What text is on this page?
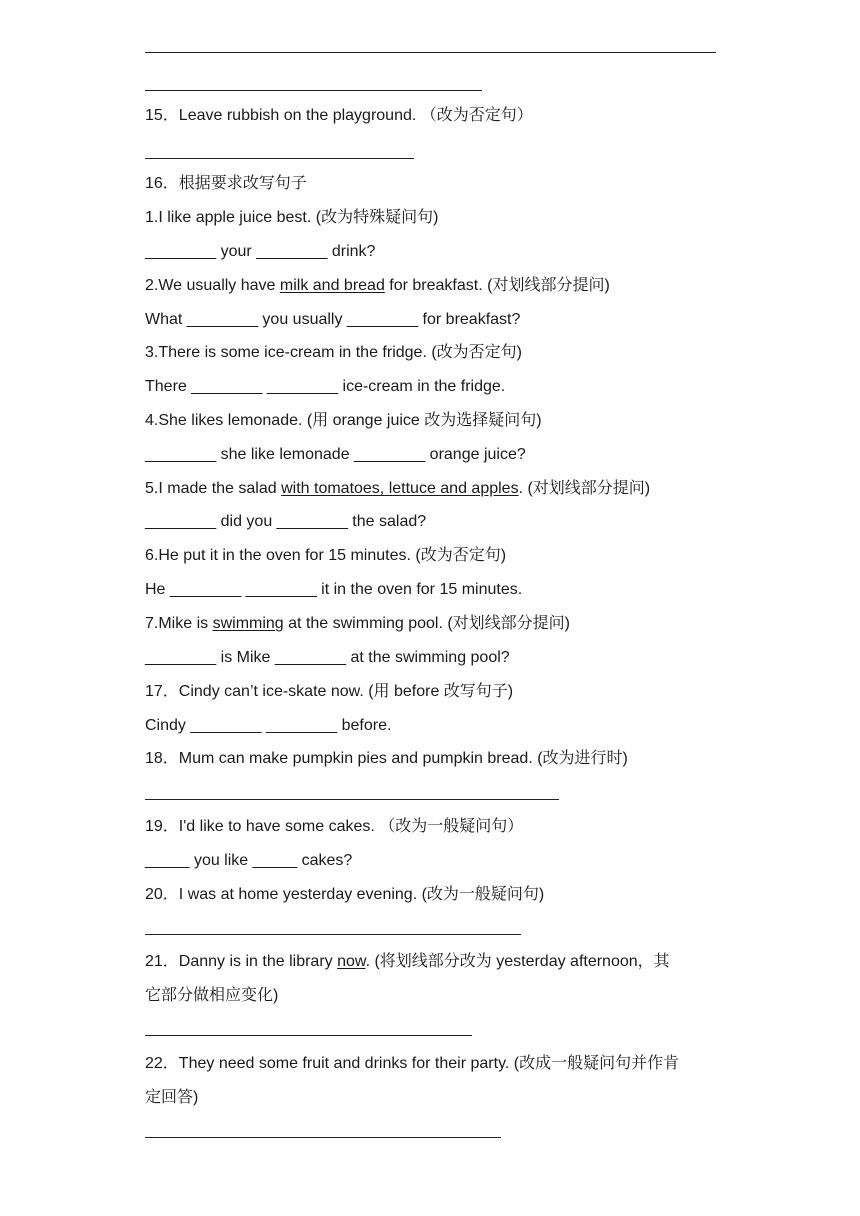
15．Leave rubbish on the playground. （改为否定句）
16．根据要求改写句子
1.I like apple juice best. (改为特殊疑问句)
________ your ________ drink?
2.We usually have milk and bread for breakfast. (对划线部分提问)
What ________ you usually ________ for breakfast?
3.There is some ice-cream in the fridge. (改为否定句)
There ________ ________ ice-cream in the fridge.
4.She likes lemonade. (用 orange juice 改为选择疑问句)
________ she like lemonade ________ orange juice?
5.I made the salad with tomatoes, lettuce and apples. (对划线部分提问)
________ did you ________ the salad?
6.He put it in the oven for 15 minutes. (改为否定句)
He ________ ________ it in the oven for 15 minutes.
7.Mike is swimming at the swimming pool. (对划线部分提问)
________ is Mike ________ at the swimming pool?
17．Cindy can’t ice-skate now. (用 before 改写句子)
Cindy ________ ________ before.
18．Mum can make pumpkin pies and pumpkin bread. (改为进行时)
19．I'd like to have some cakes. （改为一般疑问句）
_____ you like _____ cakes?
20．I was at home yesterday evening. (改为一般疑问句)
21．Danny is in the library now. (将划线部分改为 yesterday afternoon，其
它部分做相应变化)
22．They need some fruit and drinks for their party. (改成一般疑问句并作肯
定回答)
